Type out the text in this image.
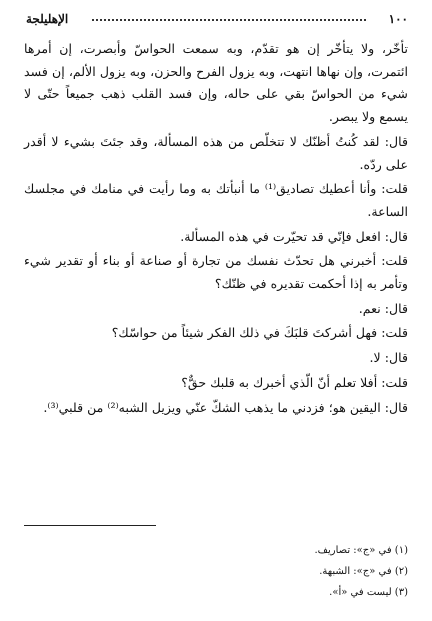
١٠٠
الإهليلجة

تأخّر، ولا يتأخّر إن هو تقدّم، وبه سمعت الحواسّ وأبصرت، إن أمرها ائتمرت، وإن نهاها انتهت، وبه يزول الفرح والحزن، وبه يزول الألم، إن فسد شيء من الحواسّ بقي على حاله، وإن فسد القلب ذهب جميعاً حتّى لا يسمع ولا يبصر.

قال: لقد كُنتُ أظنّك لا تتخلّص من هذه المسألة، وقد جئتَ بشيء لا أقدر على ردّه.

قلت: وأنا أعطيك تصاديق⁽¹⁾ ما أنبأتك به وما رأيت في منامك في مجلسك الساعة.

قال: افعل فإنّي قد تحيّرت في هذه المسألة.

قلت: أخبرني هل تحدّث نفسك من تجارة أو صناعة أو بناء أو تقدير شيء وتأمر به إذا أحكمت تقديره في ظنّك؟

قال: نعم.

قلت: فهل أشركتَ قلبَكَ في ذلك الفكر شيئاً من حواسّك؟

قال: لا.

قلت: أفلا تعلم أنّ الّذي أخبرك به قلبك حقٌّ؟

قال: اليقين هو؛ فزدني ما يذهب الشكّ عنّي ويزيل الشبه⁽²⁾ من قلبي⁽³⁾.

(١) في «ج»: تصاريف.

(٢) في «ج»: الشبهة.

(٣) ليست في «أ».
